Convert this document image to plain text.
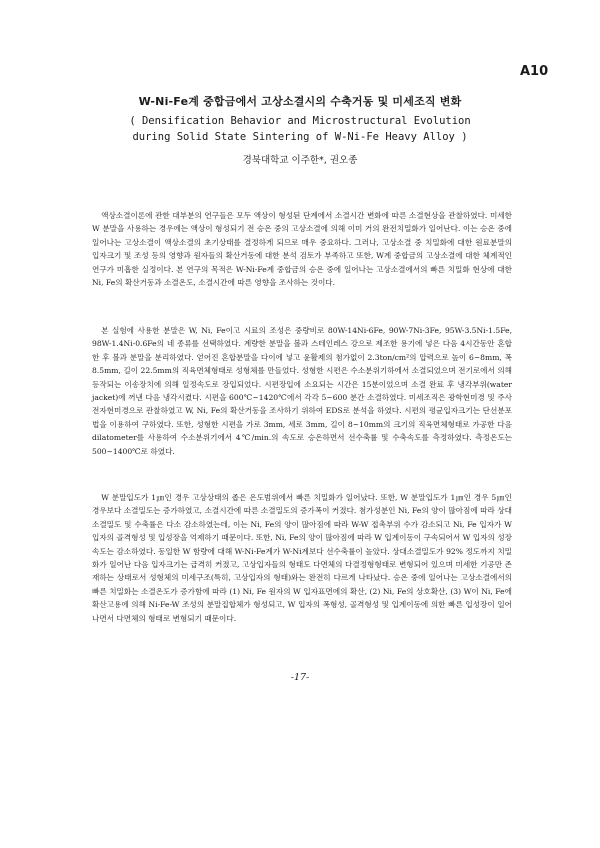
A10
W-Ni-Fe계 중합금에서 고상소결시의 수축거동 및 미세조직 변화
( Densification Behavior and Microstructural Evolution
during Solid State Sintering of W-Ni-Fe Heavy Alloy )
경북대학교 이주한*, 권오종

액상소결이론에 관한 대부분의 연구들은 모두 액상이 형성된 단계에서 소결시간 변화에 따른 소결현상을 관찰하였다. 미세한 W 분말을 사용하는 경우에는 액상이 형성되기 전 승온 중의 고상소결에 의해 이미 거의 완전치밀화가 일어난다. 이는 승온 중에 일어나는 고상소결이 액상소결의 초기상태를 결정하게 되므로 매우 중요하다. 그러나, 고상소결 중 치밀화에 대한 원료분말의 입자크기 및 조성 등의 영향과 원자들의 확산거동에 대한 분석 검토가 부족하고 또한, W계 중합금의 고상소결에 대한 체계적인 연구가 미흡한 실정이다. 본 연구의 목적은 W-Ni-Fe계 중합금의 승온 중에 일어나는 고상소결에서의 빠른 치밀화 현상에 대한 Ni, Fe의 확산거동과 소결온도, 소결시간에 따른 영향을 조사하는 것이다.

본 실험에 사용한 분말은 W, Ni, Fe이고 시료의 조성은 중량비로 80W-14Ni-6Fe, 90W-7Ni-3Fe, 95W-3.5Ni-1.5Fe, 98W-1.4Ni-0.6Fe의 네 종류를 선택하였다. 계량한 분말을 볼과 스테인레스 강으로 제조한 용기에 넣은 다음 4시간동안 혼합한 후 볼과 분말을 분리하였다. 얻어진 혼합분말을 다이에 넣고 윤활제의 첨가없이 2.3ton/cm²의 압력으로 높이 6~8mm, 폭 8.5mm, 길이 22.5mm의 직육면체형태로 성형체를 만들었다. 성형한 시편은 수소분위기하에서 소결되었으며 전기로에서 의해 등작되는 이송장치에 의해 일정속도로 장입되었다. 시편장입에 소요되는 시간은 15분이었으며 소결 완료 후 냉각부위(water jacket)에 꺼낸 다음 냉각시켰다. 시편을 600℃~1420℃에서 각각 5~600 분간 소결하였다. 미세조직은 광학현미경 및 주사전자현미경으로 관찰하였고 W, Ni, Fe의 확산거동을 조사하기 위하여 EDS로 분석을 하였다. 시편의 평균입자크기는 단선분포법을 이용하여 구하였다. 또한, 성형한 시편을 가로 3mm, 세로 3mm, 길이 8~10mm의 크기의 직육면체형태로 가공한 다음 dilatometer를 사용하여 수소분위기에서 4℃/min.의 속도로 승온하면서 선수축률 및 수축속도를 측정하였다. 측정온도는 500~1400℃로 하였다.

W 분말입도가 1㎛인 경우 고상상태의 좁은 온도범위에서 빠른 치밀화가 일어났다. 또한, W 분말입도가 1㎛인 경우 5㎛인 경우보다 소결밀도는 증가하였고, 소결시간에 따른 소결밀도의 증가폭이 커졌다. 첨가성분인 Ni, Fe의 양이 많아짐에 따라 상대소결밀도 및 수축률은 다소 감소하였는데, 이는 Ni, Fe의 양이 많아짐에 따라 W-W 접촉부위 수가 감소되고 Ni, Fe 입자가 W 입자의 골격형성 및 입성장을 억제하기 때문이다. 또한, Ni, Fe의 양이 많아짐에 따라 W 입계이동이 구속되어서 W 입자의 성장속도는 감소하였다. 동일한 W 함량에 대해 W-Ni-Fe계가 W-Ni계보다 선수축률이 높았다. 상대소결밀도가 92% 정도까지 치밀화가 일어난 다음 입자크기는 급격히 커졌고, 고상입자들의 형태도 다면체의 다결정형형태로 변형되어 있으며 미세한 기공만 존재하는 상태로서 성형체의 미세구조(특히, 고상입자의 형태)와는 완전히 다르게 나타났다. 승온 중에 일어나는 고상소결에서의 빠른 치밀화는 소결온도가 증가함에 따라 (1) Ni, Fe 원자의 W 입자표면에의 확산, (2) Ni, Fe의 상호확산, (3) W이 Ni, Fe에 확산고용에 의해 Ni-Fe-W 조성의 분말집합체가 형성되고, W 입자의 폭형성, 골격형성 및 입계이동에 의한 빠른 입성장이 일어나면서 다면체의 형태로 변형되기 때문이다.

-17-
